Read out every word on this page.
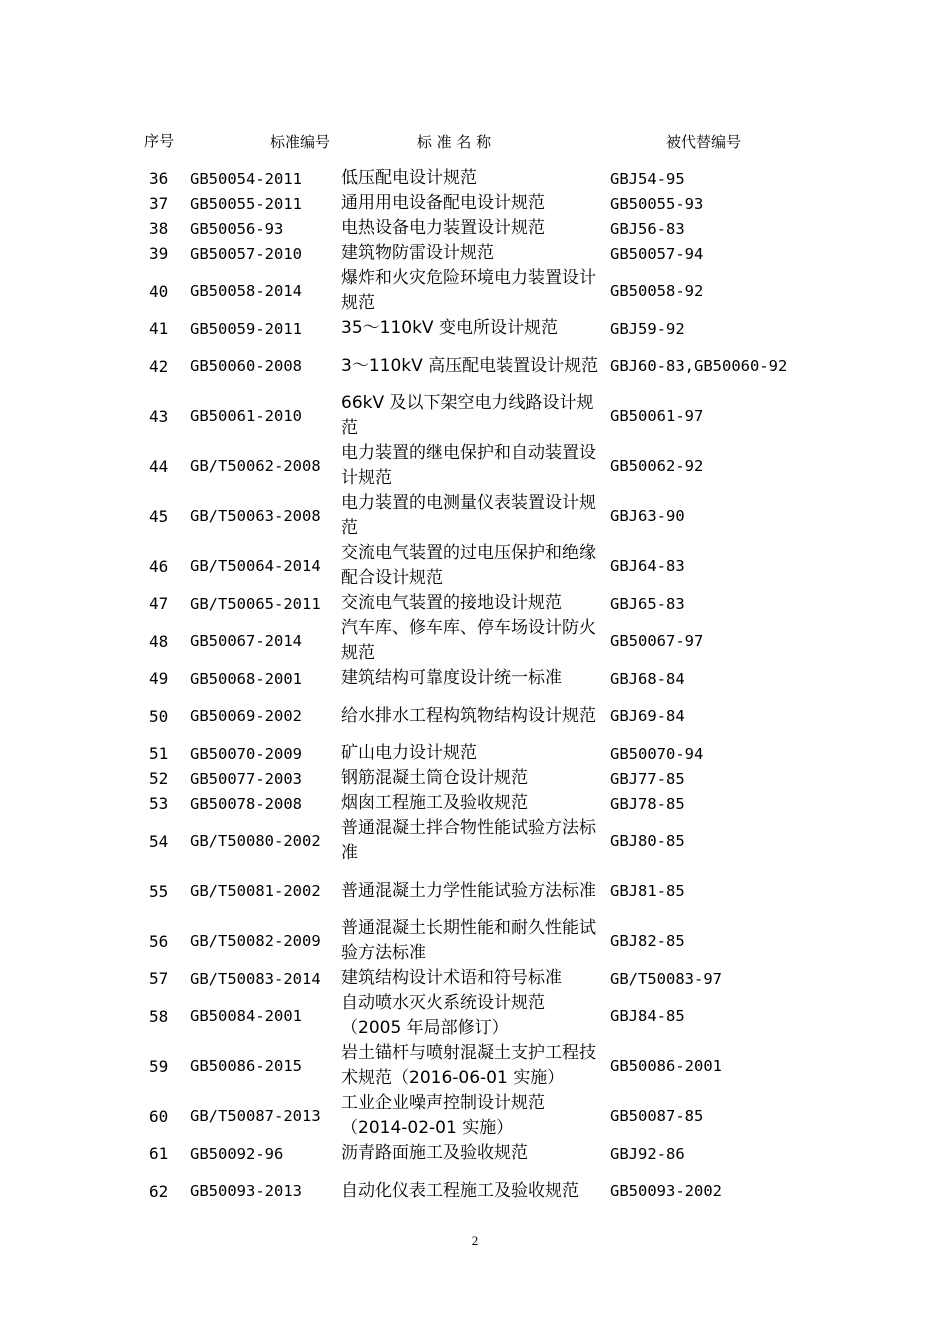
序号	标准编号	标 准 名 称	被代替编号
36	GB50054-2011	低压配电设计规范	GBJ54-95
37	GB50055-2011	通用用电设备配电设计规范	GB50055-93
38	GB50056-93	电热设备电力装置设计规范	GBJ56-83
39	GB50057-2010	建筑物防雷设计规范	GB50057-94
40	GB50058-2014	爆炸和火灾危险环境电力装置设计规范	GB50058-92
41	GB50059-2011	35～110kV 变电所设计规范	GBJ59-92
42	GB50060-2008	3～110kV 高压配电装置设计规范	GBJ60-83,GB50060-92
43	GB50061-2010	66kV 及以下架空电力线路设计规范	GB50061-97
44	GB/T50062-2008	电力装置的继电保护和自动装置设计规范	GB50062-92
45	GB/T50063-2008	电力装置的电测量仪表装置设计规范	GBJ63-90
46	GB/T50064-2014	交流电气装置的过电压保护和绝缘配合设计规范	GBJ64-83
47	GB/T50065-2011	交流电气装置的接地设计规范	GBJ65-83
48	GB50067-2014	汽车库、修车库、停车场设计防火规范	GB50067-97
49	GB50068-2001	建筑结构可靠度设计统一标准	GBJ68-84
50	GB50069-2002	给水排水工程构筑物结构设计规范	GBJ69-84
51	GB50070-2009	矿山电力设计规范	GB50070-94
52	GB50077-2003	钢筋混凝土筒仓设计规范	GBJ77-85
53	GB50078-2008	烟囱工程施工及验收规范	GBJ78-85
54	GB/T50080-2002	普通混凝土拌合物性能试验方法标准	GBJ80-85
55	GB/T50081-2002	普通混凝土力学性能试验方法标准	GBJ81-85
56	GB/T50082-2009	普通混凝土长期性能和耐久性能试验方法标准	GBJ82-85
57	GB/T50083-2014	建筑结构设计术语和符号标准	GB/T50083-97
58	GB50084-2001	自动喷水灭火系统设计规范（2005 年局部修订）	GBJ84-85
59	GB50086-2015	岩土锚杆与喷射混凝土支护工程技术规范（2016-06-01 实施）	GB50086-2001
60	GB/T50087-2013	工业企业噪声控制设计规范（2014-02-01 实施）	GB50087-85
61	GB50092-96	沥青路面施工及验收规范	GBJ92-86
62	GB50093-2013	自动化仪表工程施工及验收规范	GB50093-2002
2
